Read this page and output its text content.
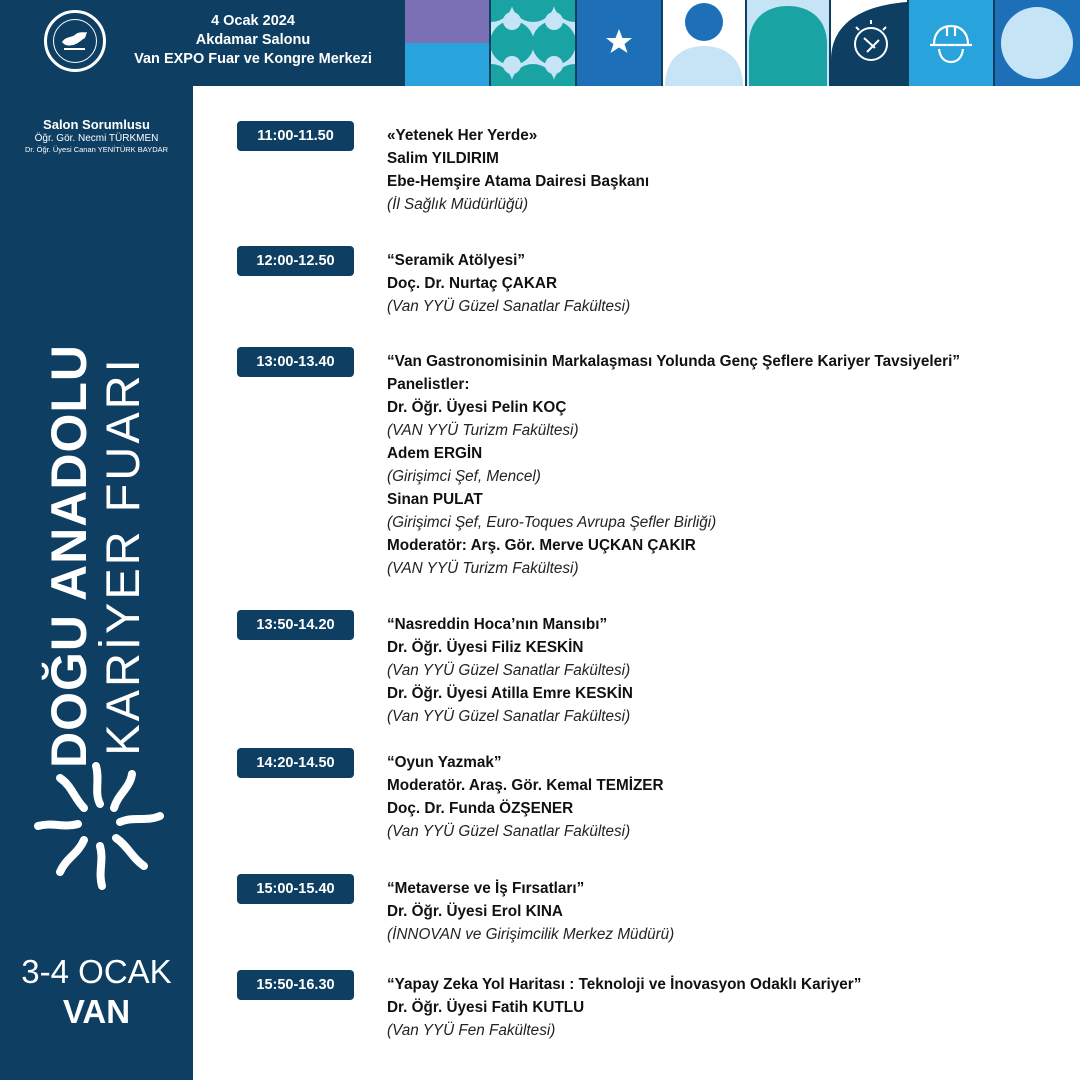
4 Ocak 2024
Akdamar Salonu
Van EXPO Fuar ve Kongre Merkezi
Salon Sorumlusu
Öğr. Gör. Necmi TÜRKMEN
Dr. Öğr. Üyesi Canan YENİTÜRK BAYDAR
DOĞU ANADOLU KARİYER FUARI
3-4 OCAK
VAN
11:00-11.50	«Yetenek Her Yerde»
Salim YILDIRIM
Ebe-Hemşire Atama Dairesi Başkanı
(İl Sağlık Müdürlüğü)
12:00-12.50	“Seramik Atölyesi”
Doç. Dr. Nurtaç ÇAKAR
(Van YYÜ Güzel Sanatlar Fakültesi)
13:00-13.40	“Van Gastronomisinin Markalaşması Yolunda Genç Şeflere Kariyer Tavsiyeleri”
Panelistler:
Dr. Öğr. Üyesi Pelin KOÇ
(VAN YYÜ Turizm Fakültesi)
Adem ERGİN
(Girişimci Şef, Mencel)
Sinan PULAT
(Girişimci Şef, Euro-Toques Avrupa Şefler Birliği)
Moderatör: Arş. Gör. Merve UÇKAN ÇAKIR
(VAN YYÜ Turizm Fakültesi)
13:50-14.20	“Nasreddin Hoca’nın Mansıbı”
Dr. Öğr. Üyesi Filiz KESKİN
(Van YYÜ Güzel Sanatlar Fakültesi)
Dr. Öğr. Üyesi Atilla Emre KESKİN
(Van YYÜ Güzel Sanatlar Fakültesi)
14:20-14.50	“Oyun Yazmak”
Moderatör. Araş. Gör. Kemal TEMİZER
Doç. Dr. Funda ÖZŞENER
(Van YYÜ Güzel Sanatlar Fakültesi)
15:00-15.40	“Metaverse ve İş Fırsatları”
Dr. Öğr. Üyesi Erol KINA
(İNNOVAN ve Girişimcilik Merkez Müdürü)
15:50-16.30	“Yapay Zeka Yol Haritası : Teknoloji ve İnovasyon Odaklı Kariyer”
Dr. Öğr. Üyesi Fatih KUTLU
(Van YYÜ Fen Fakültesi)
